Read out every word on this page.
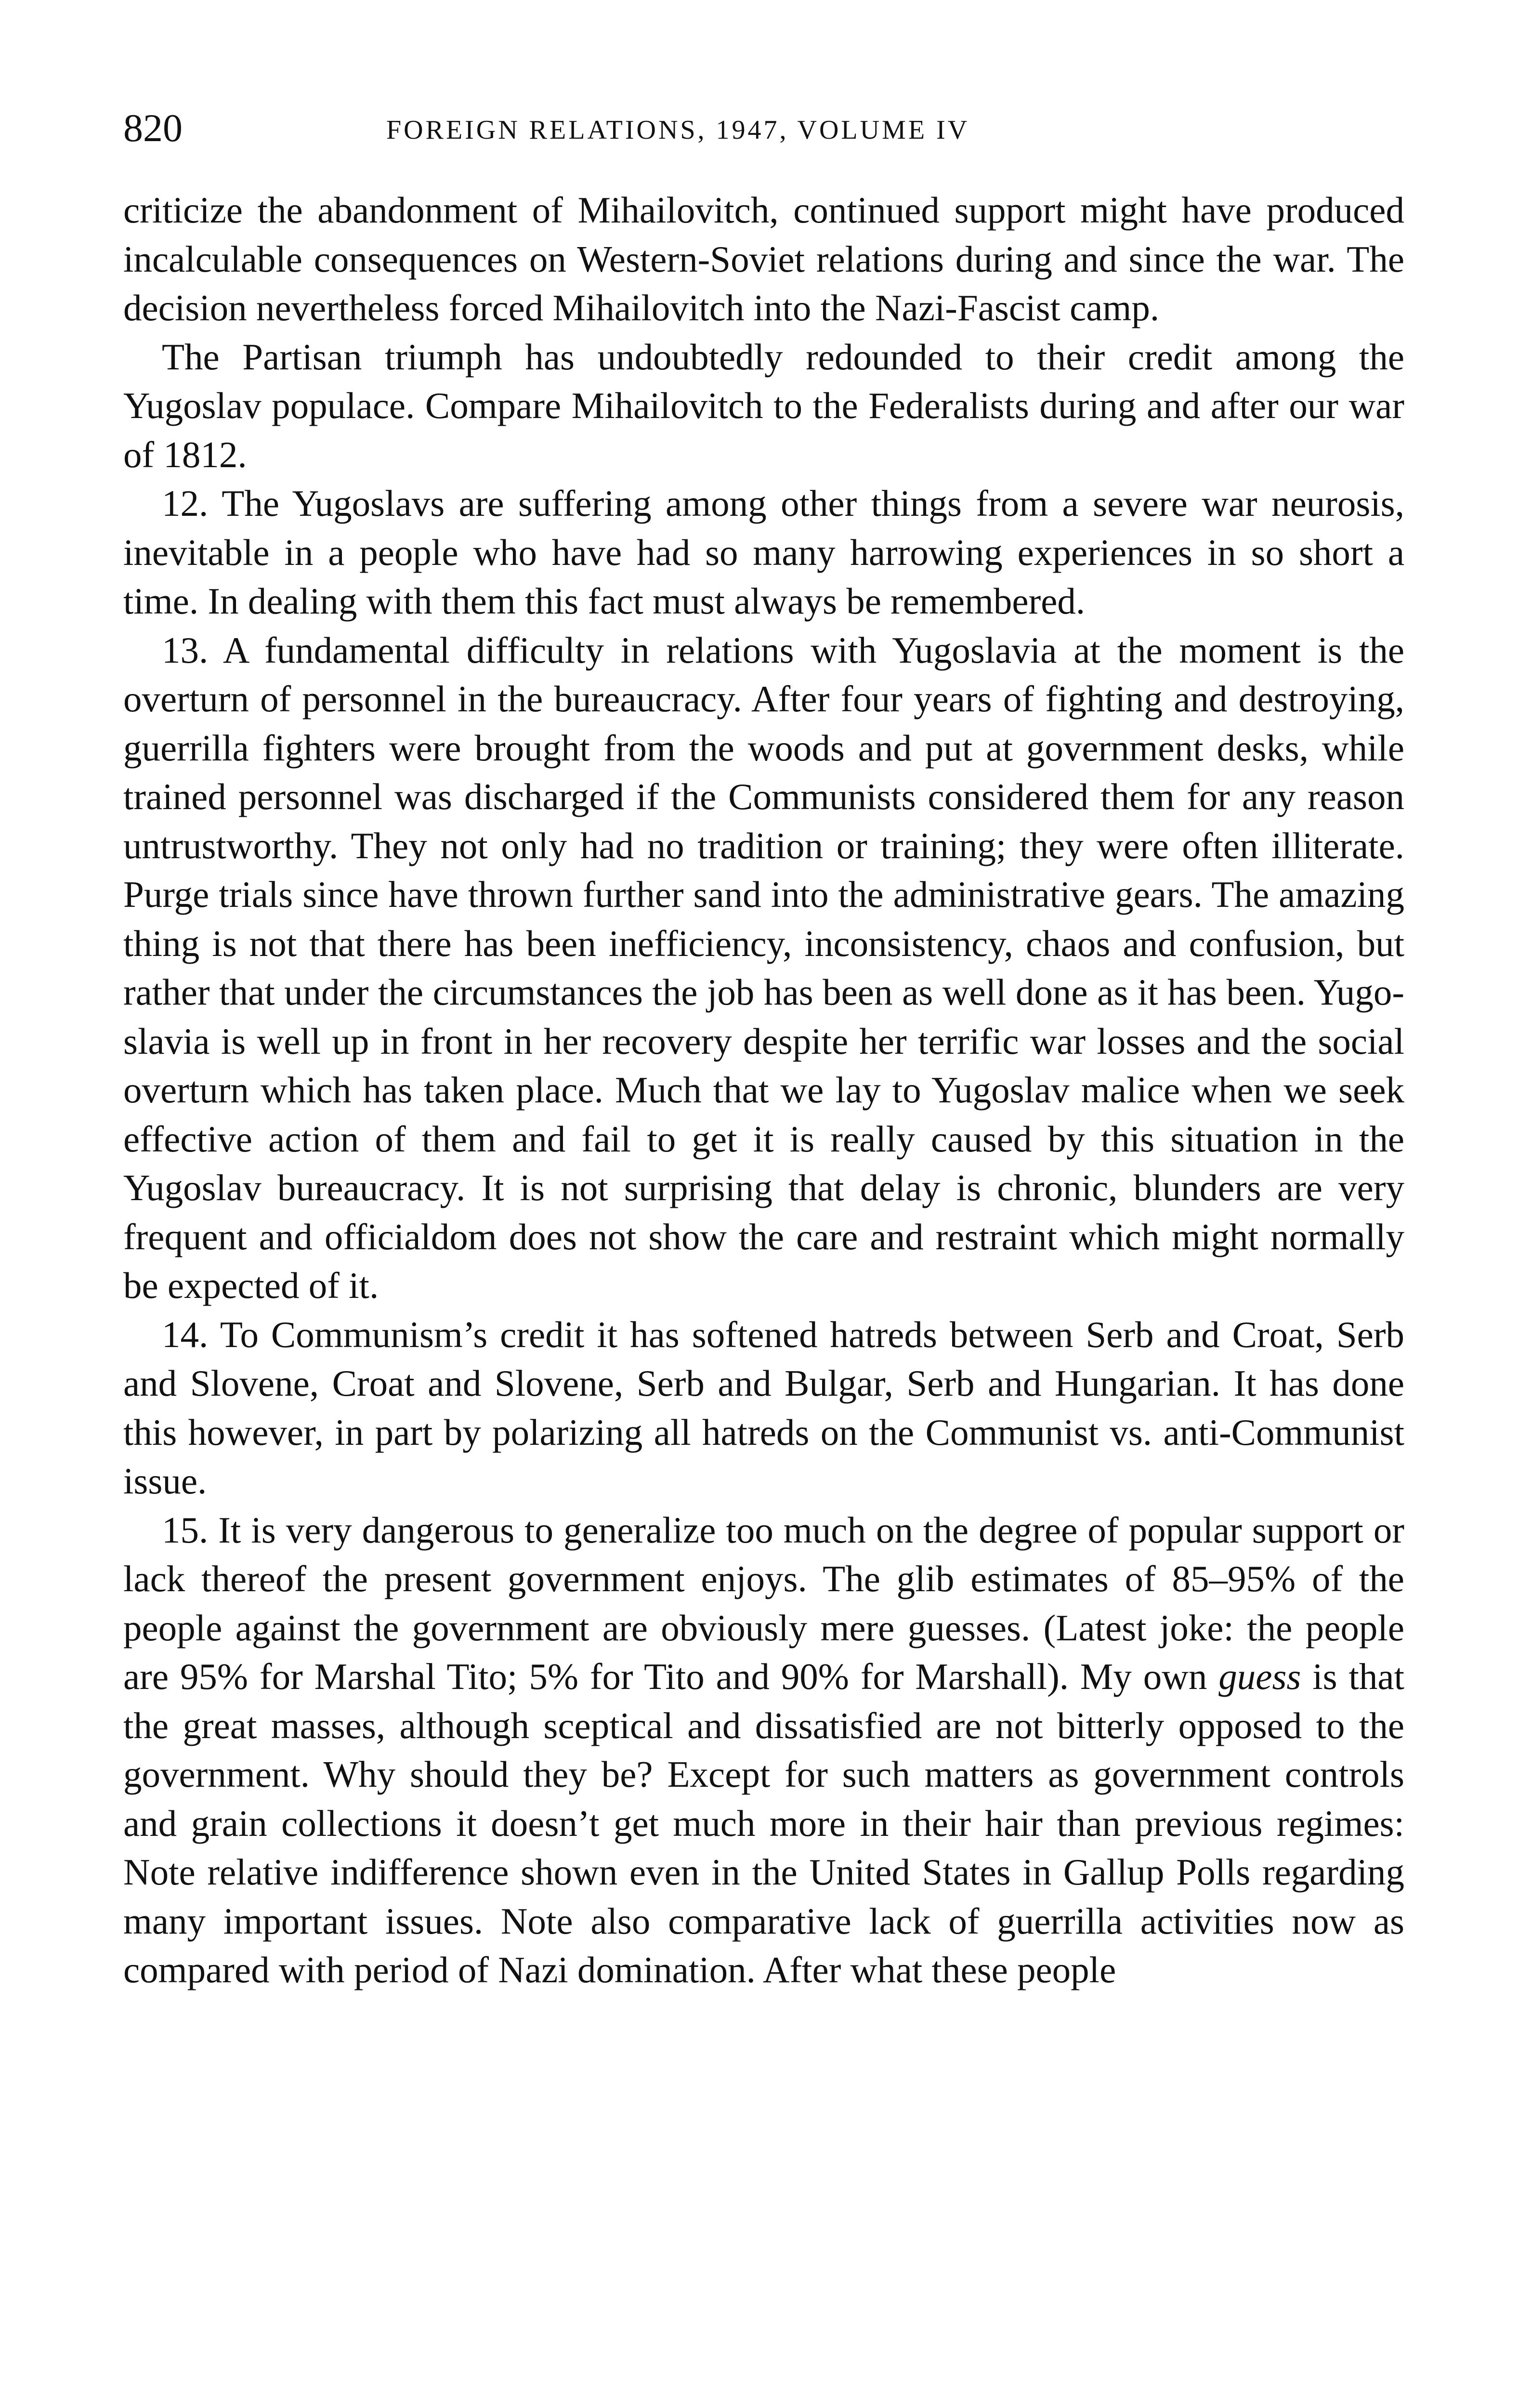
820	FOREIGN RELATIONS, 1947, VOLUME IV

criticize the abandonment of Mihailovitch, continued support might have produced incalculable consequences on Western-Soviet relations during and since the war. The decision nevertheless forced Mihailovitch into the Nazi-Fascist camp.

The Partisan triumph has undoubtedly redounded to their credit among the Yugoslav populace. Compare Mihailovitch to the Federalists during and after our war of 1812.

12. The Yugoslavs are suffering among other things from a severe war neurosis, inevitable in a people who have had so many harrowing experiences in so short a time. In dealing with them this fact must always be remembered.

13. A fundamental difficulty in relations with Yugoslavia at the moment is the overturn of personnel in the bureaucracy. After four years of fighting and destroying, guerrilla fighters were brought from the woods and put at government desks, while trained personnel was discharged if the Communists considered them for any reason untrustworthy. They not only had no tradition or training; they were often illiterate. Purge trials since have thrown further sand into the administrative gears. The amazing thing is not that there has been inefficiency, inconsistency, chaos and confusion, but rather that under the circumstances the job has been as well done as it has been. Yugoslavia is well up in front in her recovery despite her terrific war losses and the social overturn which has taken place. Much that we lay to Yugoslav malice when we seek effective action of them and fail to get it is really caused by this situation in the Yugoslav bureaucracy. It is not surprising that delay is chronic, blunders are very frequent and officialdom does not show the care and restraint which might normally be expected of it.

14. To Communism’s credit it has softened hatreds between Serb and Croat, Serb and Slovene, Croat and Slovene, Serb and Bulgar, Serb and Hungarian. It has done this however, in part by polarizing all hatreds on the Communist vs. anti-Communist issue.

15. It is very dangerous to generalize too much on the degree of popular support or lack thereof the present government enjoys. The glib estimates of 85–95% of the people against the government are obviously mere guesses. (Latest joke: the people are 95% for Marshal Tito; 5% for Tito and 90% for Marshall). My own guess is that the great masses, although sceptical and dissatisfied are not bitterly opposed to the government. Why should they be? Except for such matters as government controls and grain collections it doesn’t get much more in their hair than previous regimes: Note relative indifference shown even in the United States in Gallup Polls regarding many important issues. Note also comparative lack of guerrilla activities now as compared with period of Nazi domination. After what these people
